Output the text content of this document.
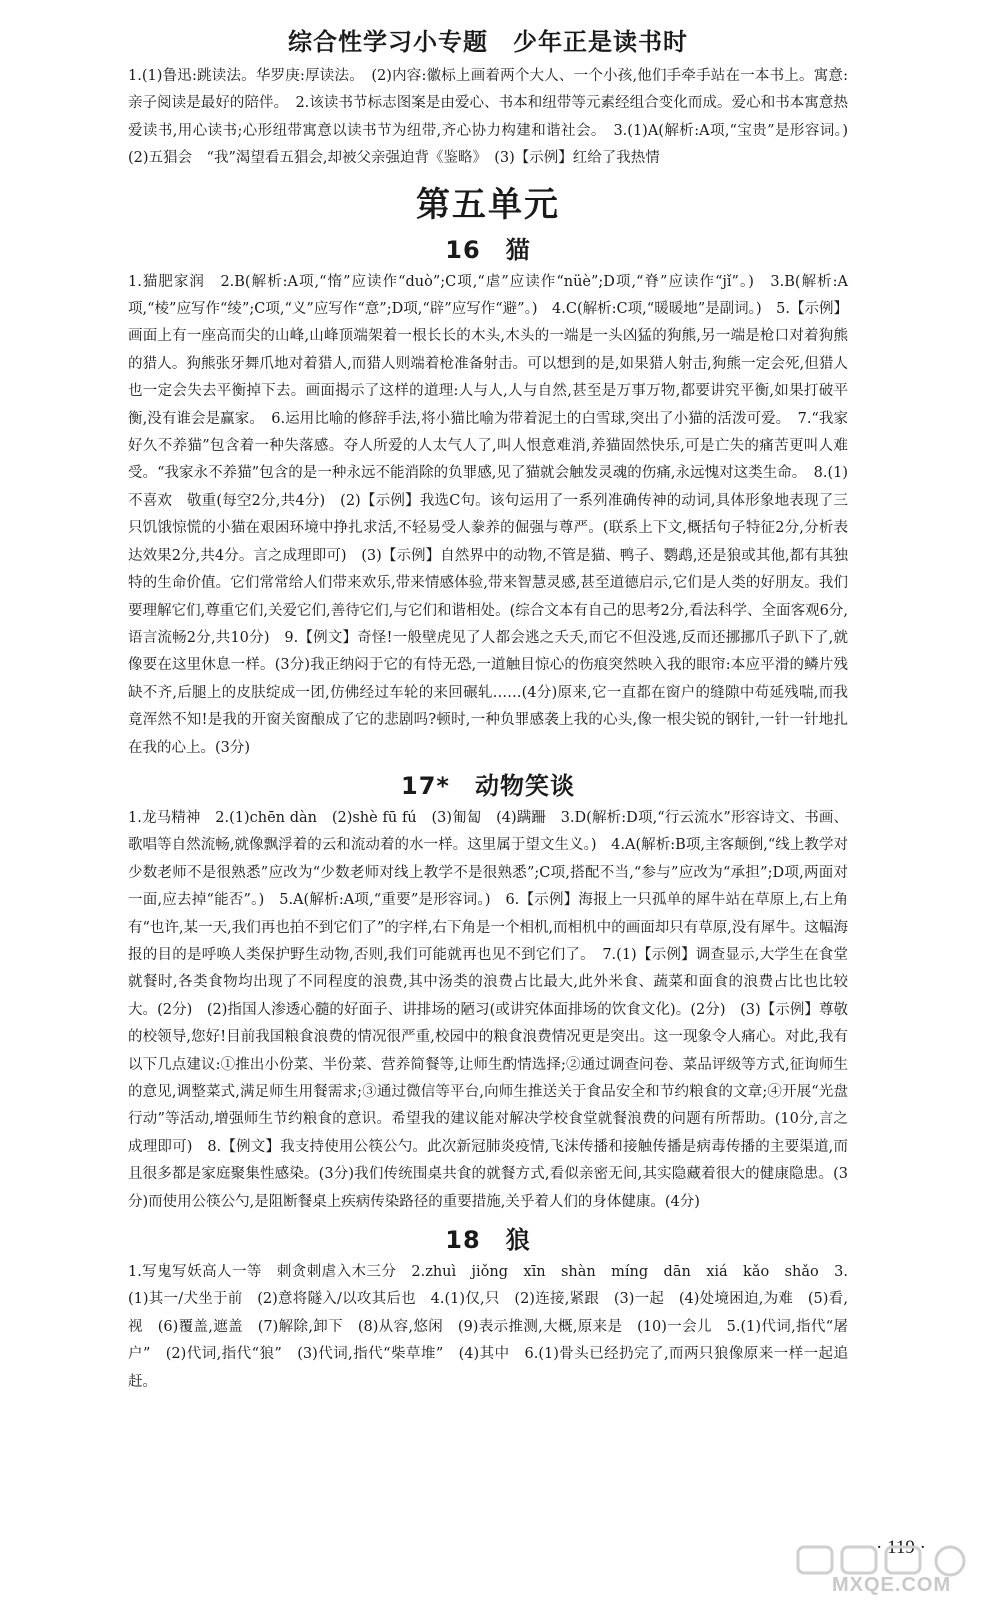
综合性学习小专题　少年正是读书时

1.(1)鲁迅:跳读法。华罗庚:厚读法。　(2)内容:徽标上画着两个大人、一个小孩,他们手牵手站在一本书上。寓意:亲子阅读是最好的陪伴。　2.该读书节标志图案是由爱心、书本和纽带等元素经组合变化而成。爱心和书本寓意热爱读书,用心读书;心形纽带寓意以读书节为纽带,齐心协力构建和谐社会。　3.(1)A(解析:A项,“宝贵”是形容词。)　(2)五猖会　“我”渴望看五猖会,却被父亲强迫背《鉴略》　(3)【示例】红给了我热情

第五单元
16　猫

1.猫肥家润　2.B(解析:A项,“惰”应读作“duò”;C项,“虐”应读作“nüè”;D项,“脊”应读作“jǐ”。)　3.B(解析:A项,“棱”应写作“绫”;C项,“义”应写作“意”;D项,“辟”应写作“避”。)　4.C(解析:C项,“暖暖地”是副词。)　5.【示例】画面上有一座高而尖的山峰,山峰顶端架着一根长长的木头,木头的一端是一头凶猛的狗熊,另一端是枪口对着狗熊的猎人。狗熊张牙舞爪地对着猎人,而猎人则端着枪准备射击。可以想到的是,如果猎人射击,狗熊一定会死,但猎人也一定会失去平衡掉下去。画面揭示了这样的道理:人与人,人与自然,甚至是万事万物,都要讲究平衡,如果打破平衡,没有谁会是赢家。　6.运用比喻的修辞手法,将小猫比喻为带着泥土的白雪球,突出了小猫的活泼可爱。　7.“我家好久不养猫”包含着一种失落感。夺人所爱的人太气人了,叫人恨意难消,养猫固然快乐,可是亡失的痛苦更叫人难受。“我家永不养猫”包含的是一种永远不能消除的负罪感,见了猫就会触发灵魂的伤痛,永远愧对这类生命。　8.(1)不喜欢　敬重(每空2分,共4分)　(2)【示例】我选C句。该句运用了一系列准确传神的动词,具体形象地表现了三只饥饿惊慌的小猫在艰困环境中挣扎求活,不轻易受人豢养的倔强与尊严。(联系上下文,概括句子特征2分,分析表达效果2分,共4分。言之成理即可)　(3)【示例】自然界中的动物,不管是猫、鸭子、鹦鹉,还是狼或其他,都有其独特的生命价值。它们常常给人们带来欢乐,带来情感体验,带来智慧灵感,甚至道德启示,它们是人类的好朋友。我们要理解它们,尊重它们,关爱它们,善待它们,与它们和谐相处。(综合文本有自己的思考2分,看法科学、全面客观6分,语言流畅2分,共10分)　9.【例文】奇怪!一般壁虎见了人都会逃之夭夭,而它不但没逃,反而还挪挪爪子趴下了,就像要在这里休息一样。(3分)我正纳闷于它的有恃无恐,一道触目惊心的伤痕突然映入我的眼帘:本应平滑的鳞片残缺不齐,后腿上的皮肤绽成一团,仿佛经过车轮的来回碾轧……(4分)原来,它一直都在窗户的缝隙中苟延残喘,而我竟浑然不知!是我的开窗关窗酿成了它的悲剧吗?顿时,一种负罪感袭上我的心头,像一根尖锐的钢针,一针一针地扎在我的心上。(3分)

17*　动物笑谈

1.龙马精神　2.(1)chēn dàn　(2)shè fū fú　(3)匍匐　(4)蹒跚　3.D(解析:D项,“行云流水”形容诗文、书画、歌唱等自然流畅,就像飘浮着的云和流动着的水一样。这里属于望文生义。)　4.A(解析:B项,主客颠倒,“线上教学对少数老师不是很熟悉”应改为“少数老师对线上教学不是很熟悉”;C项,搭配不当,“参与”应改为“承担”;D项,两面对一面,应去掉“能否”。)　5.A(解析:A项,“重要”是形容词。)　6.【示例】海报上一只孤单的犀牛站在草原上,右上角有“也许,某一天,我们再也拍不到它们了”的字样,右下角是一个相机,而相机中的画面却只有草原,没有犀牛。这幅海报的目的是呼唤人类保护野生动物,否则,我们可能就再也见不到它们了。　7.(1)【示例】调查显示,大学生在食堂就餐时,各类食物均出现了不同程度的浪费,其中汤类的浪费占比最大,此外米食、蔬菜和面食的浪费占比也比较大。(2分)　(2)指国人渗透心髓的好面子、讲排场的陋习(或讲究体面排场的饮食文化)。(2分)　(3)【示例】尊敬的校领导,您好!目前我国粮食浪费的情况很严重,校园中的粮食浪费情况更是突出。这一现象令人痛心。对此,我有以下几点建议:①推出小份菜、半份菜、营养简餐等,让师生酌情选择;②通过调查问卷、菜品评级等方式,征询师生的意见,调整菜式,满足师生用餐需求;③通过微信等平台,向师生推送关于食品安全和节约粮食的文章;④开展“光盘行动”等活动,增强师生节约粮食的意识。希望我的建议能对解决学校食堂就餐浪费的问题有所帮助。(10分,言之成理即可)　8.【例文】我支持使用公筷公勺。此次新冠肺炎疫情,飞沫传播和接触传播是病毒传播的主要渠道,而且很多都是家庭聚集性感染。(3分)我们传统围桌共食的就餐方式,看似亲密无间,其实隐藏着很大的健康隐患。(3分)而使用公筷公勺,是阻断餐桌上疾病传染路径的重要措施,关乎着人们的身体健康。(4分)

18　狼

1.写鬼写妖高人一等　刺贪刺虐入木三分　2.zhuì　jiǒng　xīn　shàn　míng　dān　xiá　kǎo　shǎo　3.(1)其一/犬坐于前　(2)意将隧入/以攻其后也　4.(1)仅,只　(2)连接,紧跟　(3)一起　(4)处境困迫,为难　(5)看,视　(6)覆盖,遮盖　(7)解除,卸下　(8)从容,悠闲　(9)表示推测,大概,原来是　(10)一会儿　5.(1)代词,指代“屠户”　(2)代词,指代“狼”　(3)代词,指代“柴草堆”　(4)其中　6.(1)骨头已经扔完了,而两只狼像原来一样一起追赶。

· 119 ·
MXQE.COM
